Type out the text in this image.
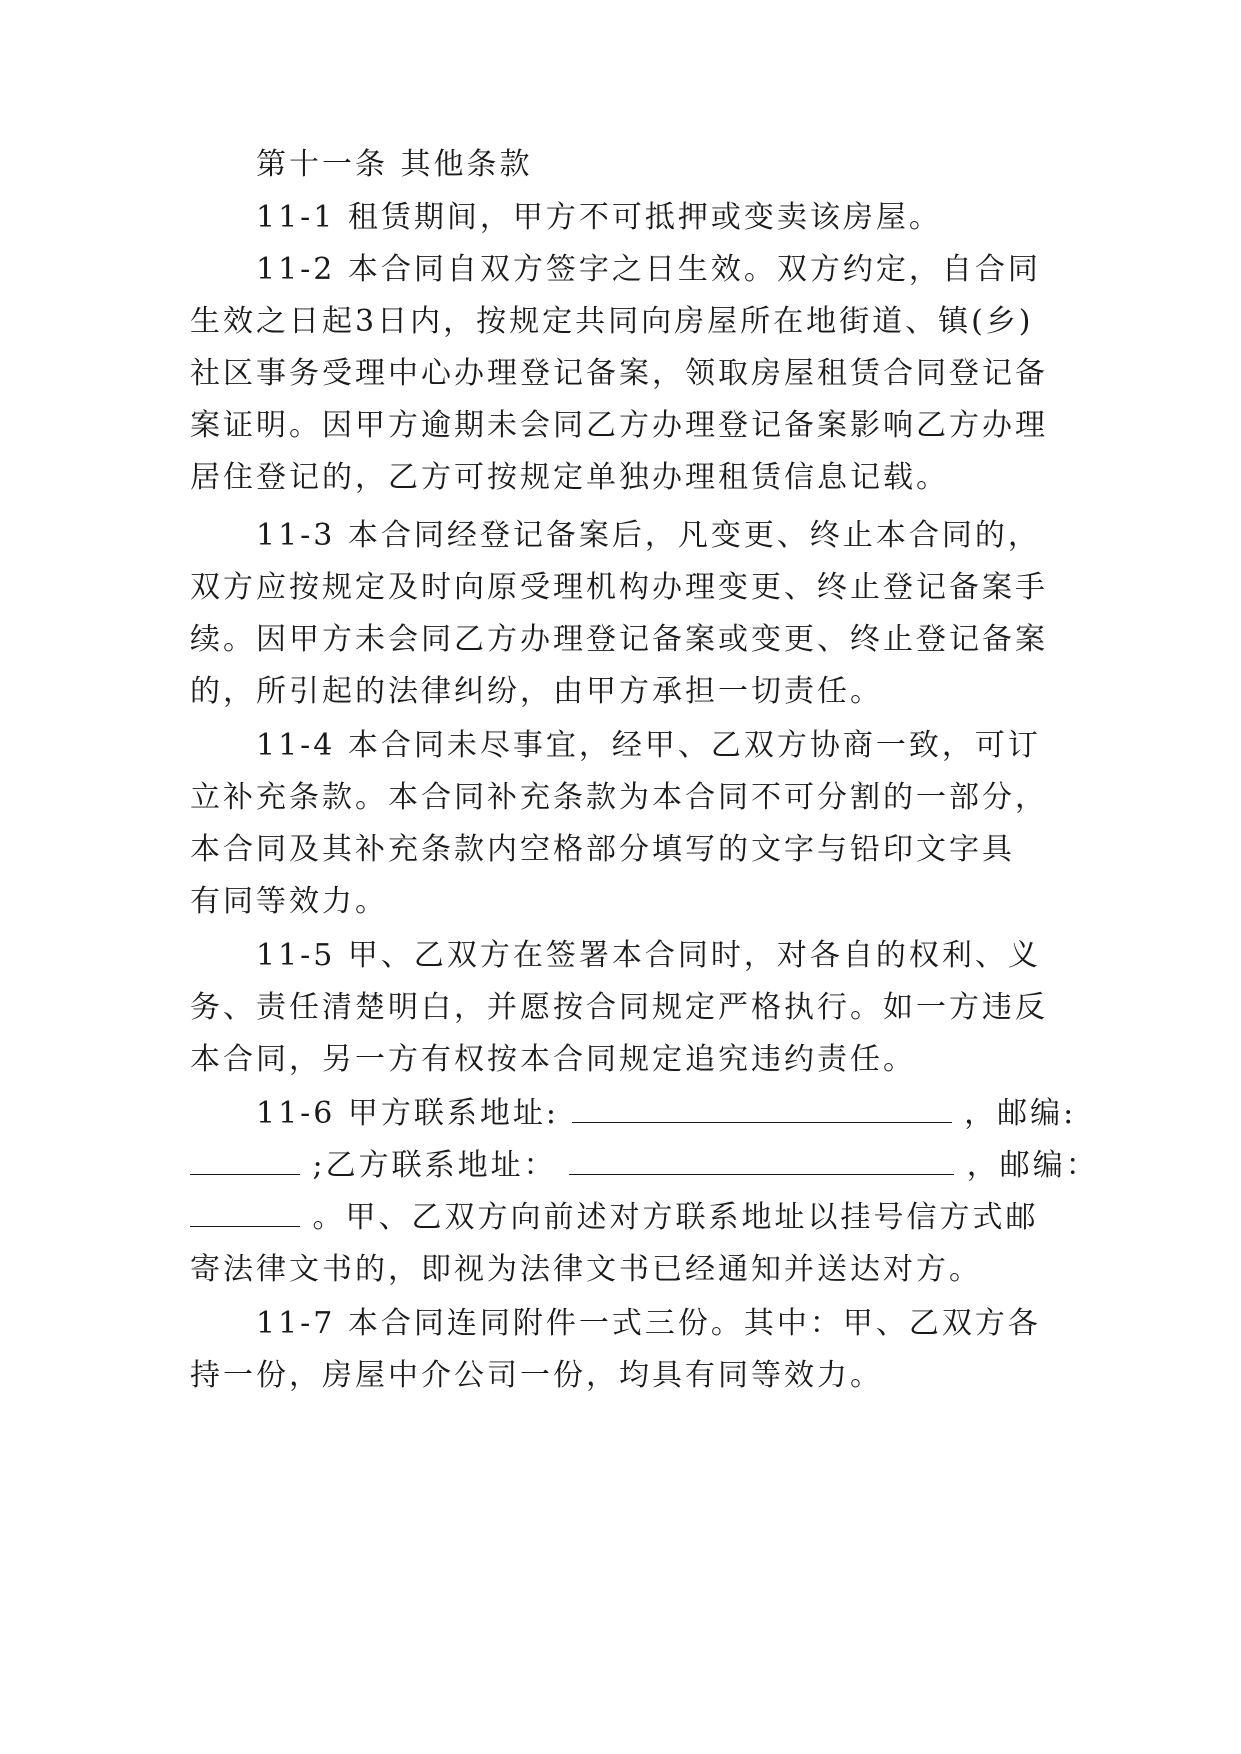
第十一条 其他条款
11-1 租赁期间，甲方不可抵押或变卖该房屋。
11-2 本合同自双方签字之日生效。双方约定，自合同
生效之日起3日内，按规定共同向房屋所在地街道、镇(乡)
社区事务受理中心办理登记备案，领取房屋租赁合同登记备
案证明。因甲方逾期未会同乙方办理登记备案影响乙方办理
居住登记的，乙方可按规定单独办理租赁信息记载。
11-3 本合同经登记备案后，凡变更、终止本合同的，
双方应按规定及时向原受理机构办理变更、终止登记备案手
续。因甲方未会同乙方办理登记备案或变更、终止登记备案
的，所引起的法律纠纷，由甲方承担一切责任。
11-4 本合同未尽事宜，经甲、乙双方协商一致，可订
立补充条款。本合同补充条款为本合同不可分割的一部分，
本合同及其补充条款内空格部分填写的文字与铅印文字具
有同等效力。
11-5 甲、乙双方在签署本合同时，对各自的权利、义
务、责任清楚明白，并愿按合同规定严格执行。如一方违反
本合同，另一方有权按本合同规定追究违约责任。
11-6 甲方联系地址:	，邮编:
;乙方联系地址：	，邮编：
。甲、乙双方向前述对方联系地址以挂号信方式邮
寄法律文书的，即视为法律文书已经通知并送达对方。
11-7 本合同连同附件一式三份。其中：甲、乙双方各
持一份，房屋中介公司一份，均具有同等效力。
